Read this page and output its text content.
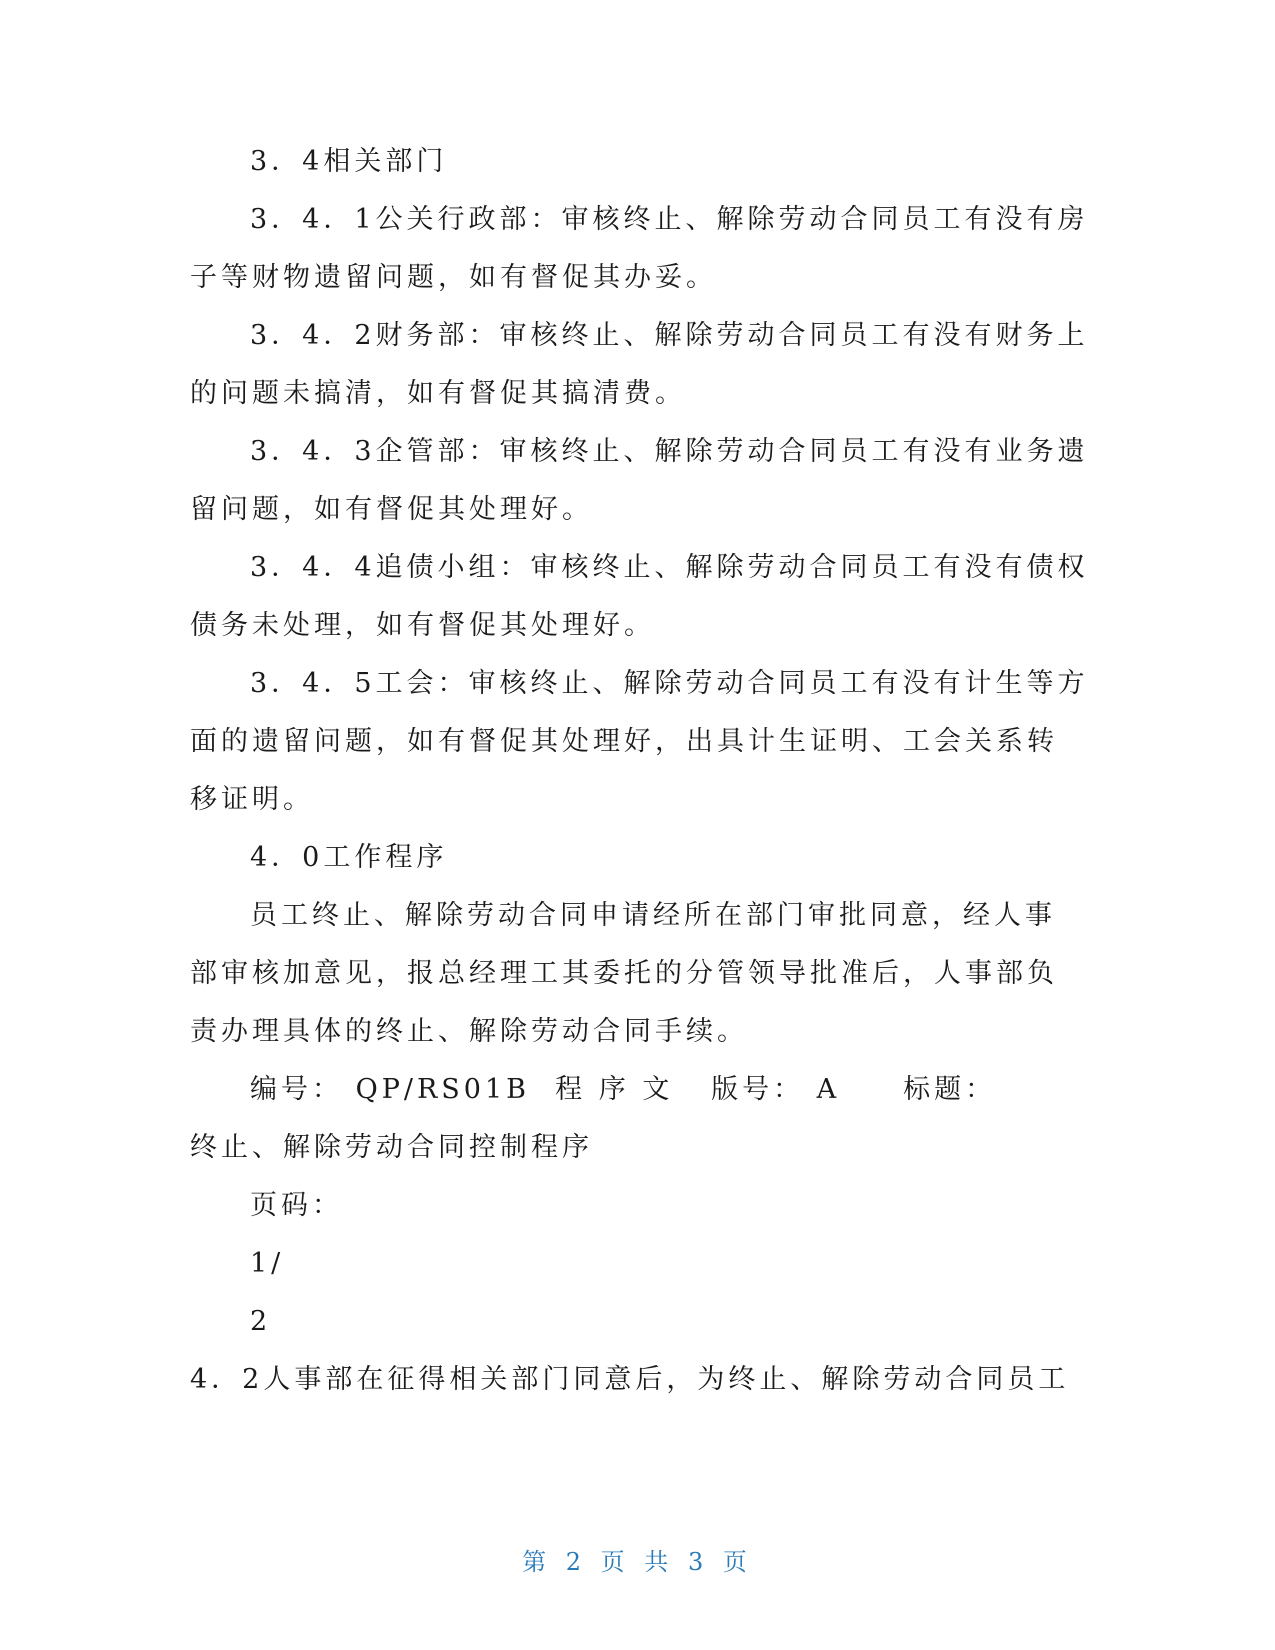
3．4相关部门
3．4．1公关行政部：审核终止、解除劳动合同员工有没有房
子等财物遗留问题，如有督促其办妥。
3．4．2财务部：审核终止、解除劳动合同员工有没有财务上
的问题未搞清，如有督促其搞清费。
3．4．3企管部：审核终止、解除劳动合同员工有没有业务遗
留问题，如有督促其处理好。
3．4．4追债小组：审核终止、解除劳动合同员工有没有债权
债务未处理，如有督促其处理好。
3．4．5工会：审核终止、解除劳动合同员工有没有计生等方
面的遗留问题，如有督促其处理好，出具计生证明、工会关系转
移证明。
4．0工作程序
员工终止、解除劳动合同申请经所在部门审批同意，经人事
部审核加意见，报总经理工其委托的分管领导批准后，人事部负
责办理具体的终止、解除劳动合同手续。
编号： QP/RS01B  程 序 文   版号： A     标题：
终止、解除劳动合同控制程序
页码：
1/
2
4．2人事部在征得相关部门同意后，为终止、解除劳动合同员工
第 2 页 共 3 页
